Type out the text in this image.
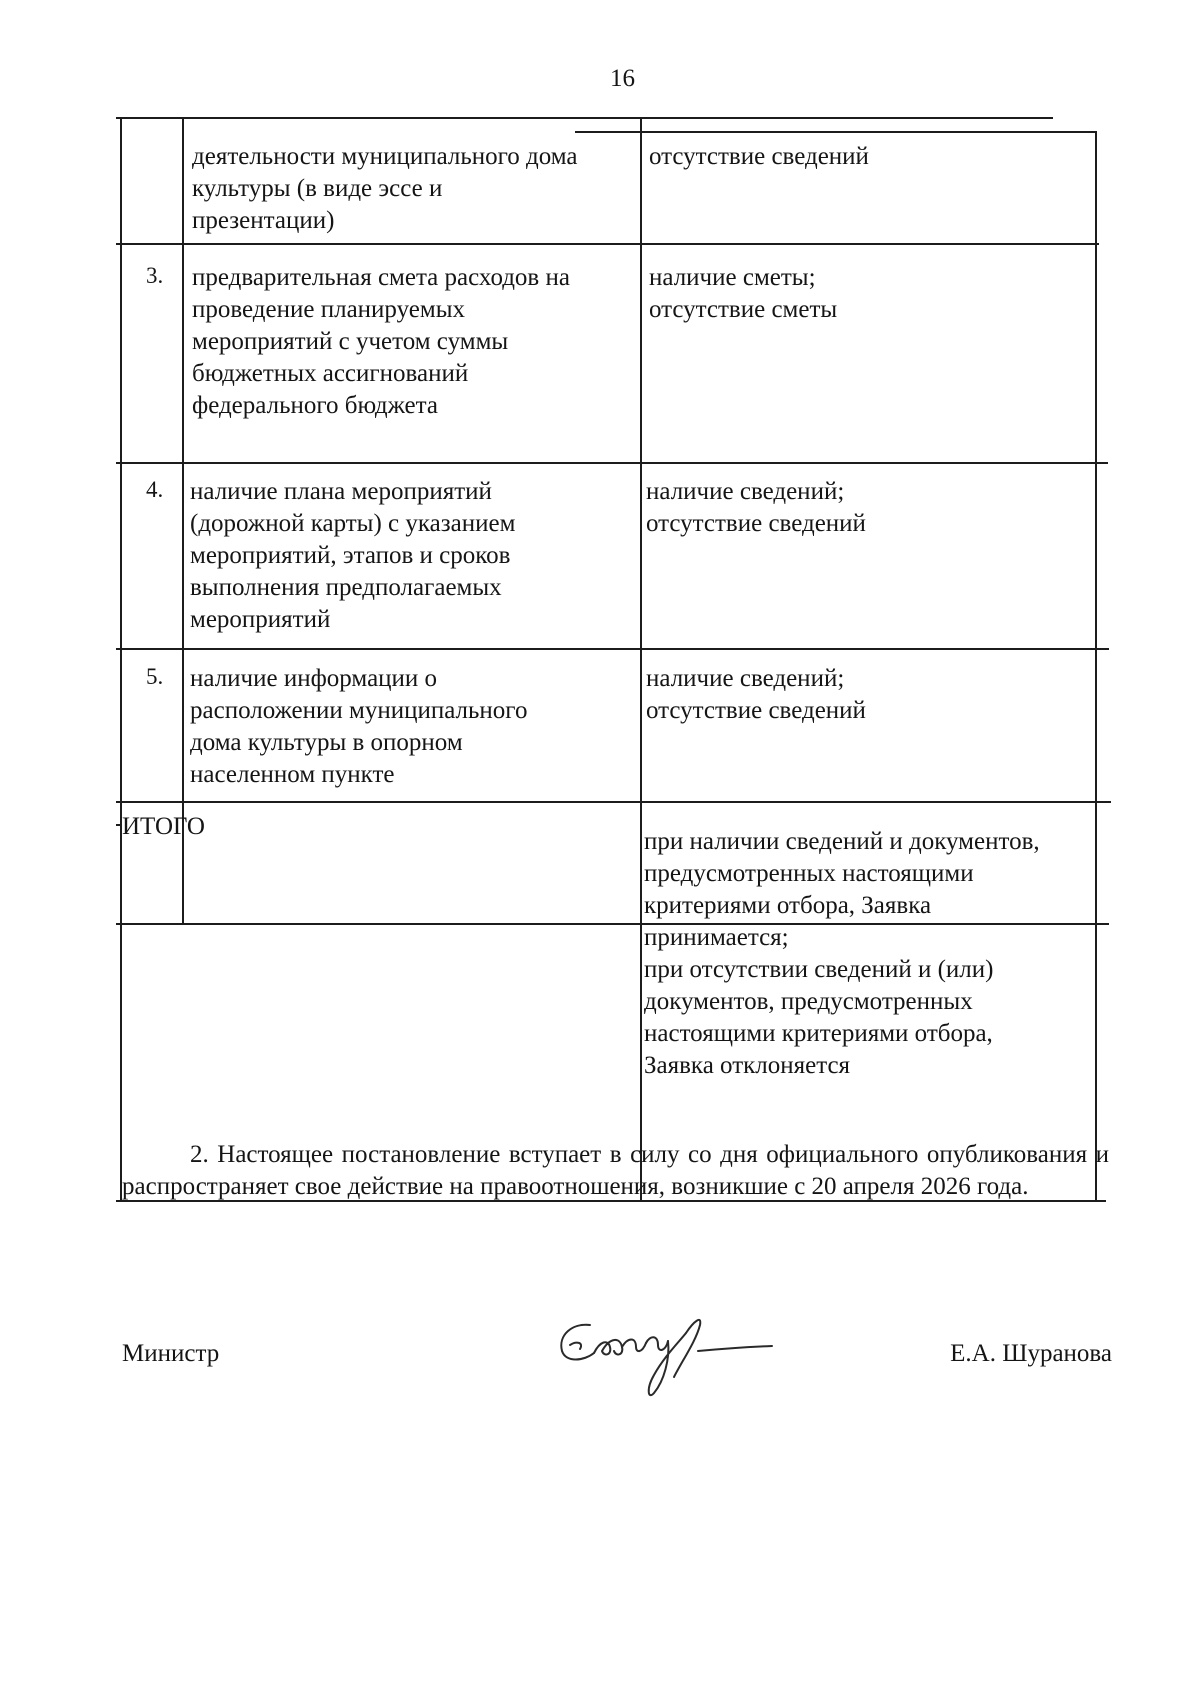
16
деятельности муниципального дома
культуры (в виде эссе и
презентации)
отсутствие сведений
3. предварительная смета расходов на
проведение планируемых
мероприятий с учетом суммы
бюджетных ассигнований
федерального бюджета
наличие сметы;
отсутствие сметы
4. наличие плана мероприятий
(дорожной карты) с указанием
мероприятий, этапов и сроков
выполнения предполагаемых
мероприятий
наличие сведений;
отсутствие сведений
5. наличие информации о
расположении муниципального
дома культуры в опорном
населенном пункте
наличие сведений;
отсутствие сведений
ИТОГО
при наличии сведений и документов,
предусмотренных настоящими
критериями отбора, Заявка
принимается;
при отсутствии сведений и (или)
документов, предусмотренных
настоящими критериями отбора,
Заявка отклоняется
2. Настоящее постановление вступает в силу со дня официального опубликования и распространяет свое действие на правоотношения, возникшие с 20 апреля 2026 года.
Министр	Е.А. Шуранова
